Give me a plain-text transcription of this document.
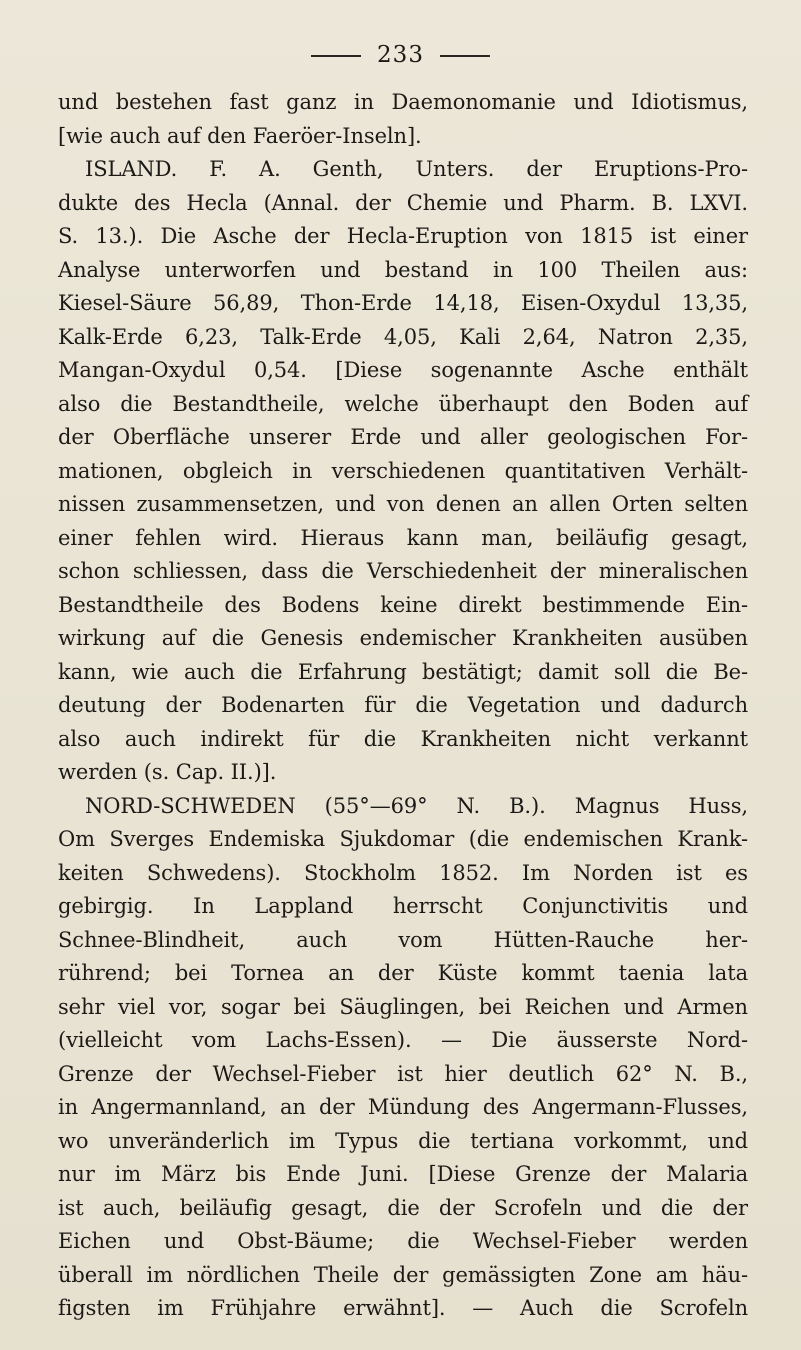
233
und bestehen fast ganz in Daemonomanie und Idiotismus,
[wie auch auf den Faeröer-Inseln].
ISLAND. F. A. Genth, Unters. der Eruptions-Pro-
dukte des Hecla (Annal. der Chemie und Pharm. B. LXVI.
S. 13.). Die Asche der Hecla-Eruption von 1815 ist einer
Analyse unterworfen und bestand in 100 Theilen aus:
Kiesel-Säure 56,89, Thon-Erde 14,18, Eisen-Oxydul 13,35,
Kalk-Erde 6,23, Talk-Erde 4,05, Kali 2,64, Natron 2,35,
Mangan-Oxydul 0,54. [Diese sogenannte Asche enthält
also die Bestandtheile, welche überhaupt den Boden auf
der Oberfläche unserer Erde und aller geologischen For-
mationen, obgleich in verschiedenen quantitativen Verhält-
nissen zusammensetzen, und von denen an allen Orten selten
einer fehlen wird. Hieraus kann man, beiläufig gesagt,
schon schliessen, dass die Verschiedenheit der mineralischen
Bestandtheile des Bodens keine direkt bestimmende Ein-
wirkung auf die Genesis endemischer Krankheiten ausüben
kann, wie auch die Erfahrung bestätigt; damit soll die Be-
deutung der Bodenarten für die Vegetation und dadurch
also auch indirekt für die Krankheiten nicht verkannt
werden (s. Cap. II.)].
NORD-SCHWEDEN (55°—69° N. B.). Magnus Huss,
Om Sverges Endemiska Sjukdomar (die endemischen Krank-
keiten Schwedens). Stockholm 1852. Im Norden ist es
gebirgig. In Lappland herrscht Conjunctivitis und
Schnee-Blindheit, auch vom Hütten-Rauche her-
rührend; bei Tornea an der Küste kommt taenia lata
sehr viel vor, sogar bei Säuglingen, bei Reichen und Armen
(vielleicht vom Lachs-Essen). — Die äusserste Nord-
Grenze der Wechsel-Fieber ist hier deutlich 62° N. B.,
in Angermannland, an der Mündung des Angermann-Flusses,
wo unveränderlich im Typus die tertiana vorkommt, und
nur im März bis Ende Juni. [Diese Grenze der Malaria
ist auch, beiläufig gesagt, die der Scrofeln und die der
Eichen und Obst-Bäume; die Wechsel-Fieber werden
überall im nördlichen Theile der gemässigten Zone am häu-
figsten im Frühjahre erwähnt]. — Auch die Scrofeln
